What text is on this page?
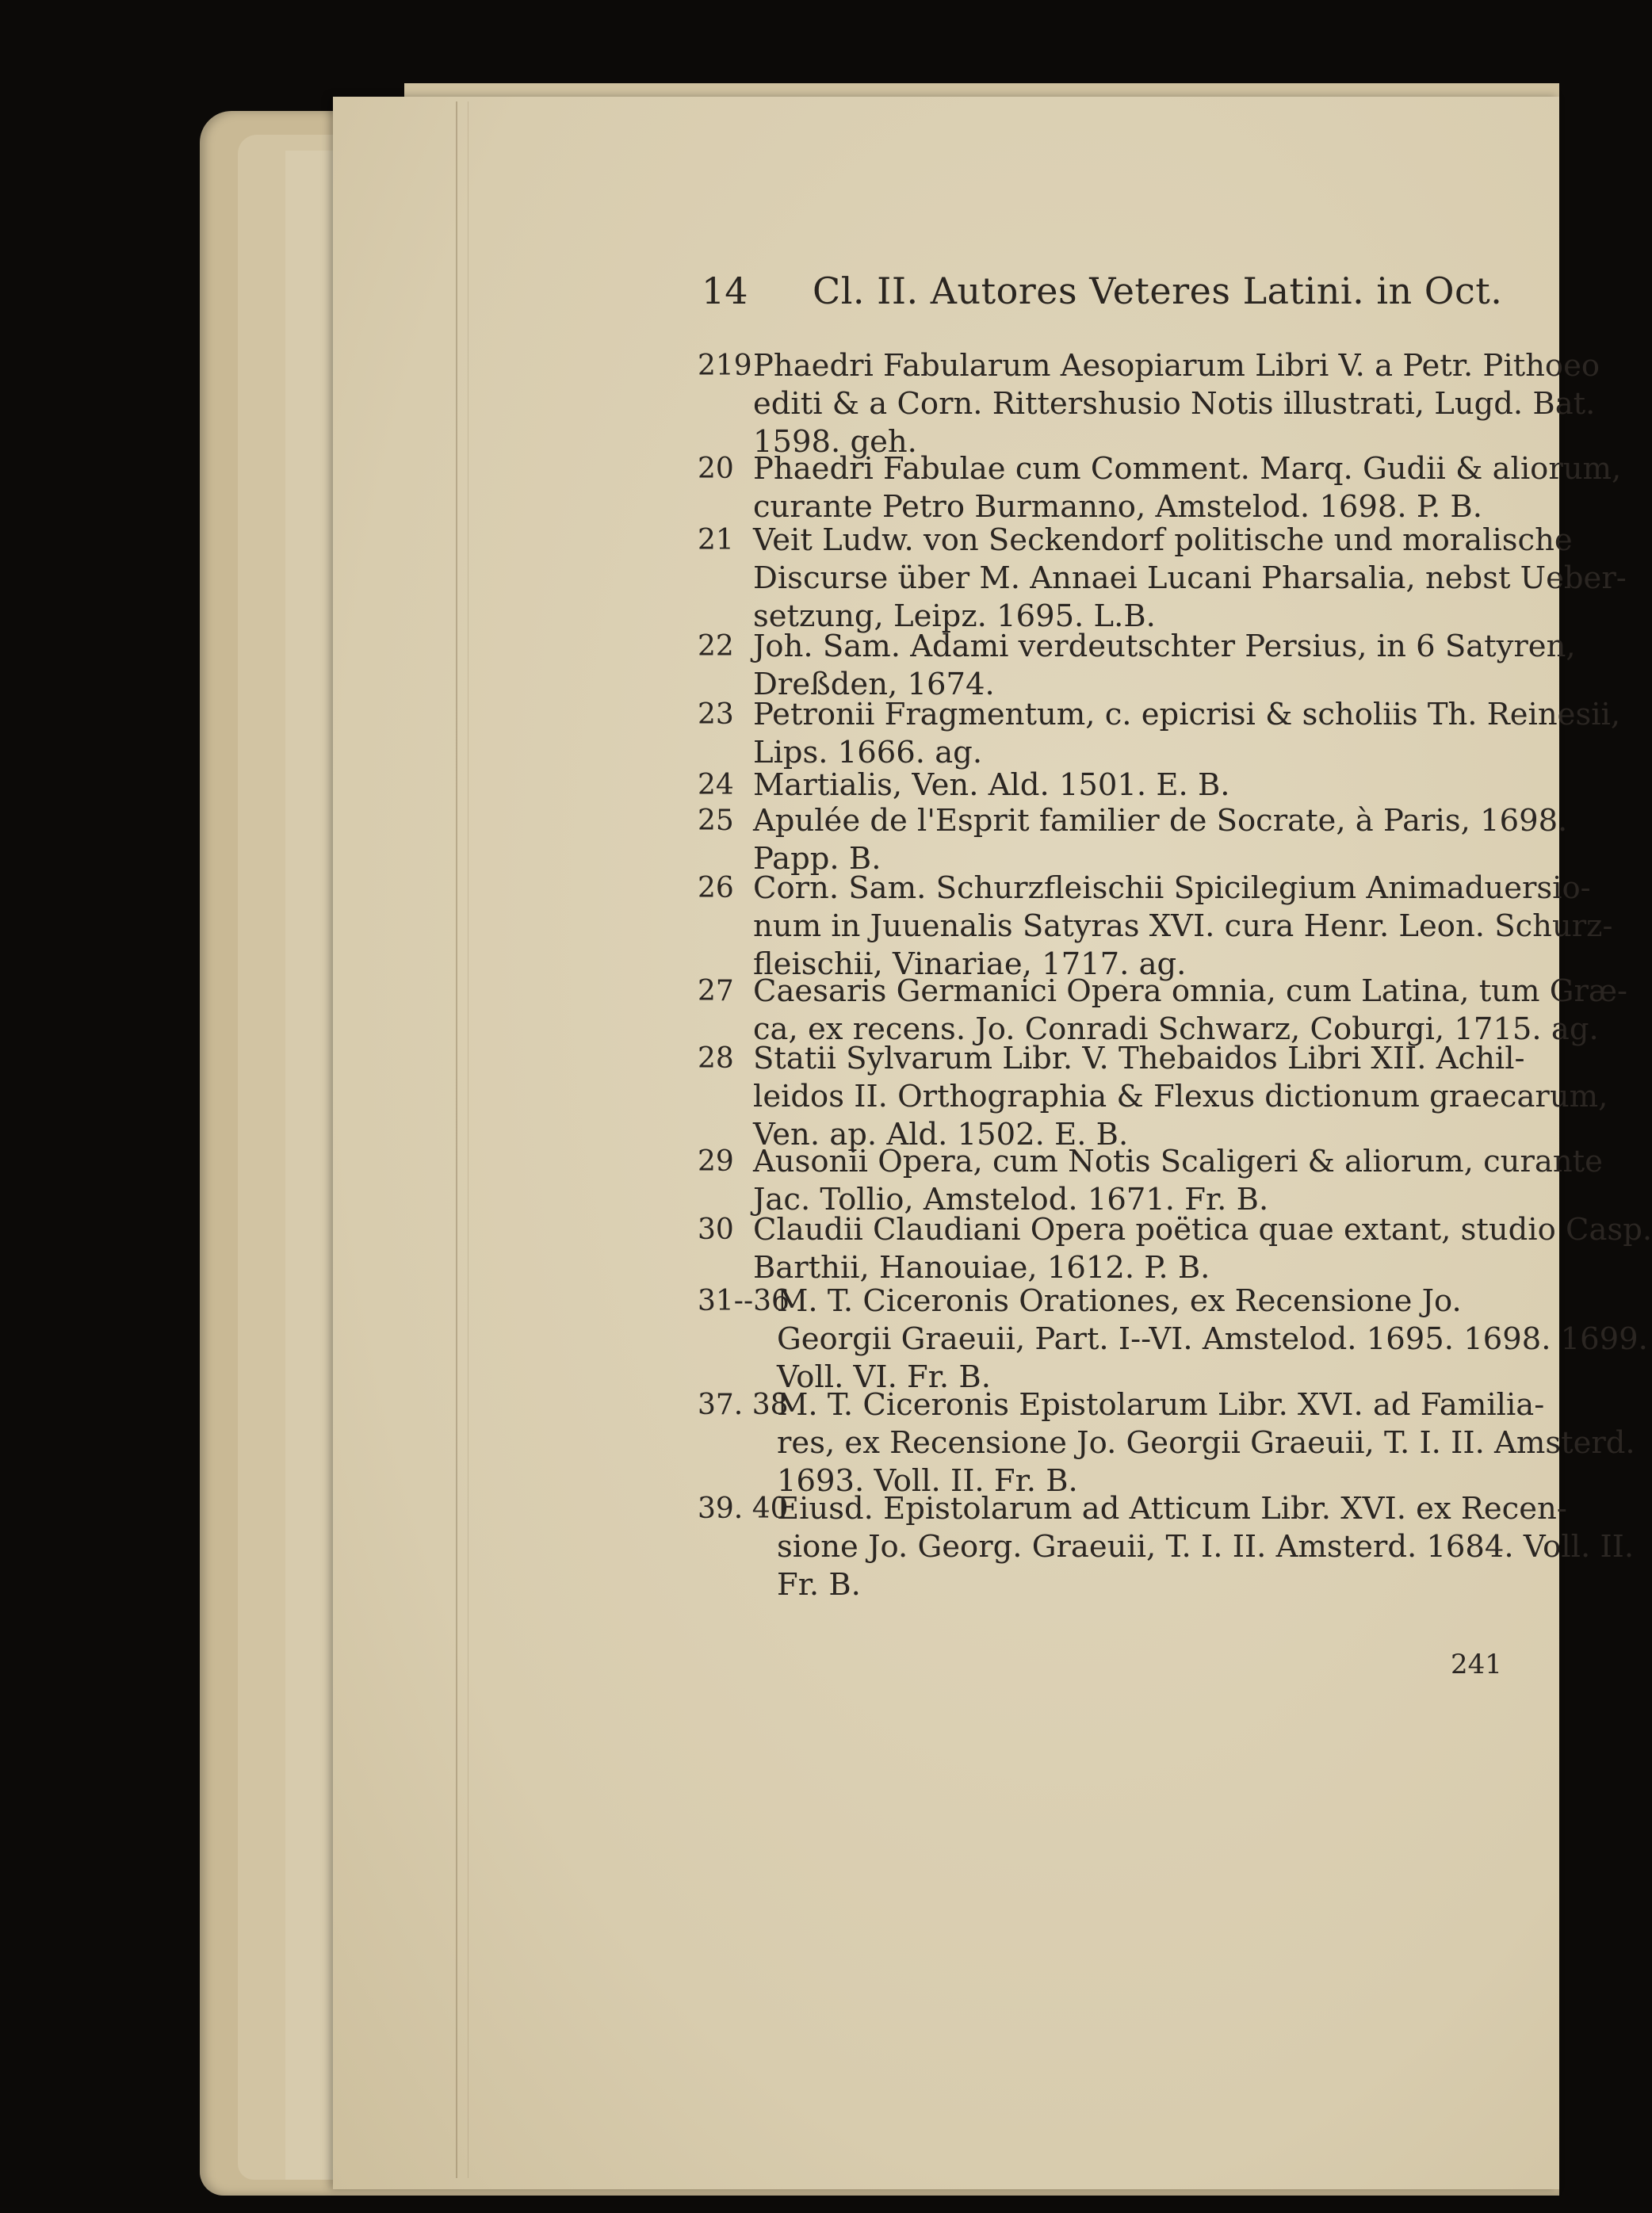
14 Cl. II. Autores Veteres Latini. in Oct.
219 Phaedri Fabularum Aesopiarum Libri V. a Petr. Pithoeo
editi & a Corn. Rittershusio Notis illustrati, Lugd. Bat.
1598. geh.
20 Phaedri Fabulae cum Comment. Marq. Gudii & aliorum,
curante Petro Burmanno, Amstelod. 1698. P. B.
21 Veit Ludw. von Seckendorf politische und moralische
Discurse über M. Annaei Lucani Pharsalia, nebst Ueber-
setzung, Leipz. 1695. L.B.
22 Joh. Sam. Adami verdeutschter Persius, in 6 Satyren,
Dreßden, 1674.
23 Petronii Fragmentum, c. epicrisi & scholiis Th. Reinesii,
Lips. 1666. ag.
24 Martialis, Ven. Ald. 1501. E. B.
25 Apulée de l'Esprit familier de Socrate, à Paris, 1698.
Papp. B.
26 Corn. Sam. Schurzfleischii Spicilegium Animaduersio-
num in Juuenalis Satyras XVI. cura Henr. Leon. Schurz-
fleischii, Vinariae, 1717. ag.
27 Caesaris Germanici Opera omnia, cum Latina, tum Græ-
ca, ex recens. Jo. Conradi Schwarz, Coburgi, 1715. ag.
28 Statii Sylvarum Libr. V. Thebaidos Libri XII. Achil-
leidos II. Orthographia & Flexus dictionum graecarum,
Ven. ap. Ald. 1502. E. B.
29 Ausonii Opera, cum Notis Scaligeri & aliorum, curante
Jac. Tollio, Amstelod. 1671. Fr. B.
30 Claudii Claudiani Opera poëtica quae extant, studio Casp.
Barthii, Hanouiae, 1612. P. B.
31--36
M. T. Ciceronis Orationes, ex Recensione Jo.
Georgii Graeuii, Part. I--VI. Amstelod. 1695. 1698. 1699.
Voll. VI. Fr. B.
37. 38
M. T. Ciceronis Epistolarum Libr. XVI. ad Familia-
res, ex Recensione Jo. Georgii Graeuii, T. I. II. Amsterd.
1693. Voll. II. Fr. B.
39. 40
Eiusd. Epistolarum ad Atticum Libr. XVI. ex Recen-
sione Jo. Georg. Graeuii, T. I. II. Amsterd. 1684. Voll. II.
Fr. B.
241
